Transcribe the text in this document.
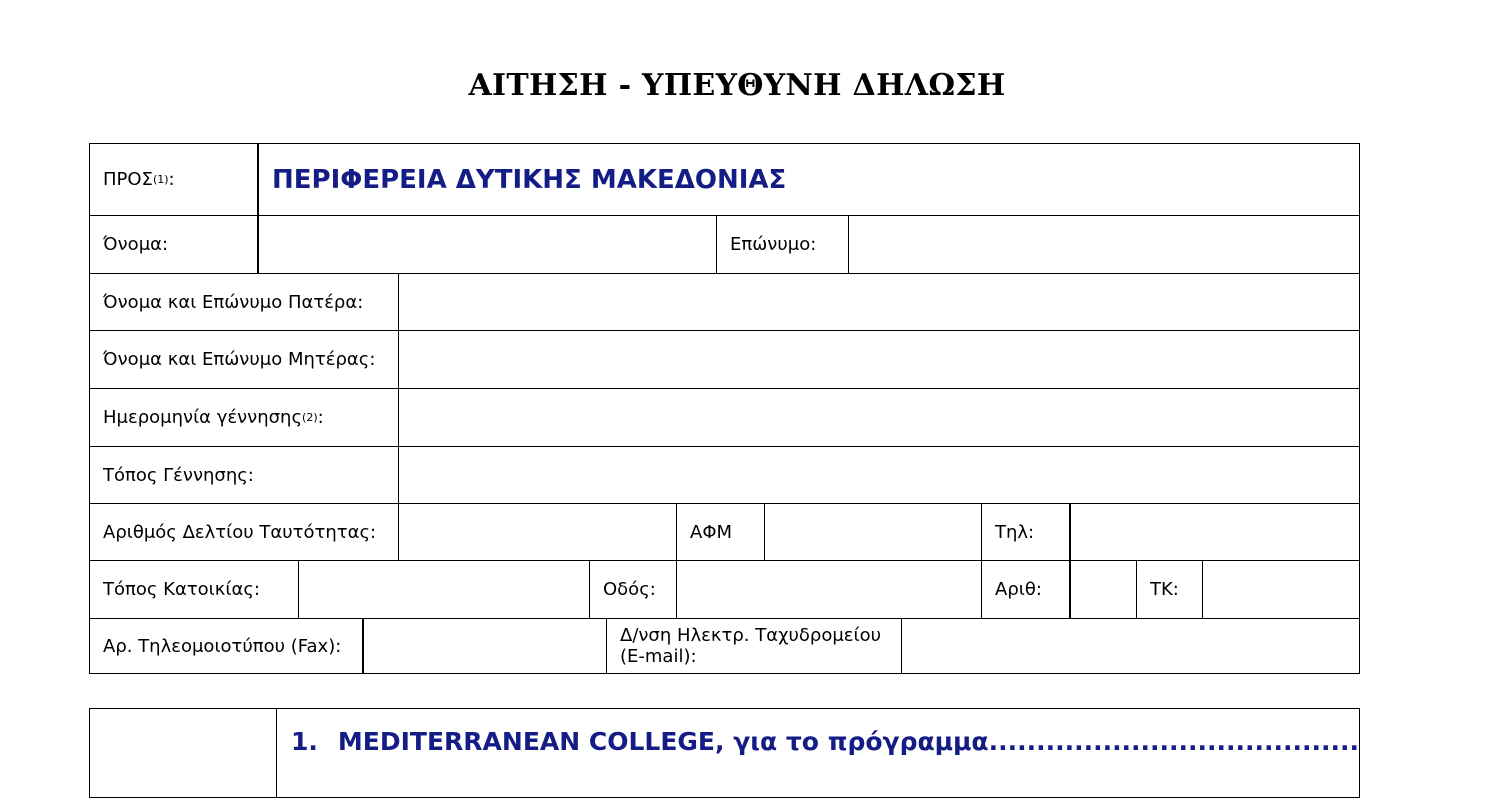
ΑΙΤΗΣΗ - ΥΠΕΥΘΥΝΗ ΔΗΛΩΣΗ
ΠΡΟΣ (1) :	ΠΕΡΙΦΕΡΕΙΑ ΔΥΤΙΚΗΣ ΜΑΚΕΔΟΝΙΑΣ
Όνομα:	Επώνυμο:
Όνομα και Επώνυμο Πατέρα:
Όνομα και Επώνυμο Μητέρας:
Ημερομηνία γέννησης (2) :
Τόπος Γέννησης:
Αριθμός Δελτίου Ταυτότητας:	ΑΦΜ	Τηλ:
Τόπος Κατοικίας:	Οδός:	Αριθ:	ΤΚ:
Αρ. Τηλεομοιοτύπου (Fax):	Δ/νση Ηλεκτρ. Ταχυδρομείου (E-mail):
1. MEDITERRANEAN COLLEGE, για το πρόγραμμα.......................................
